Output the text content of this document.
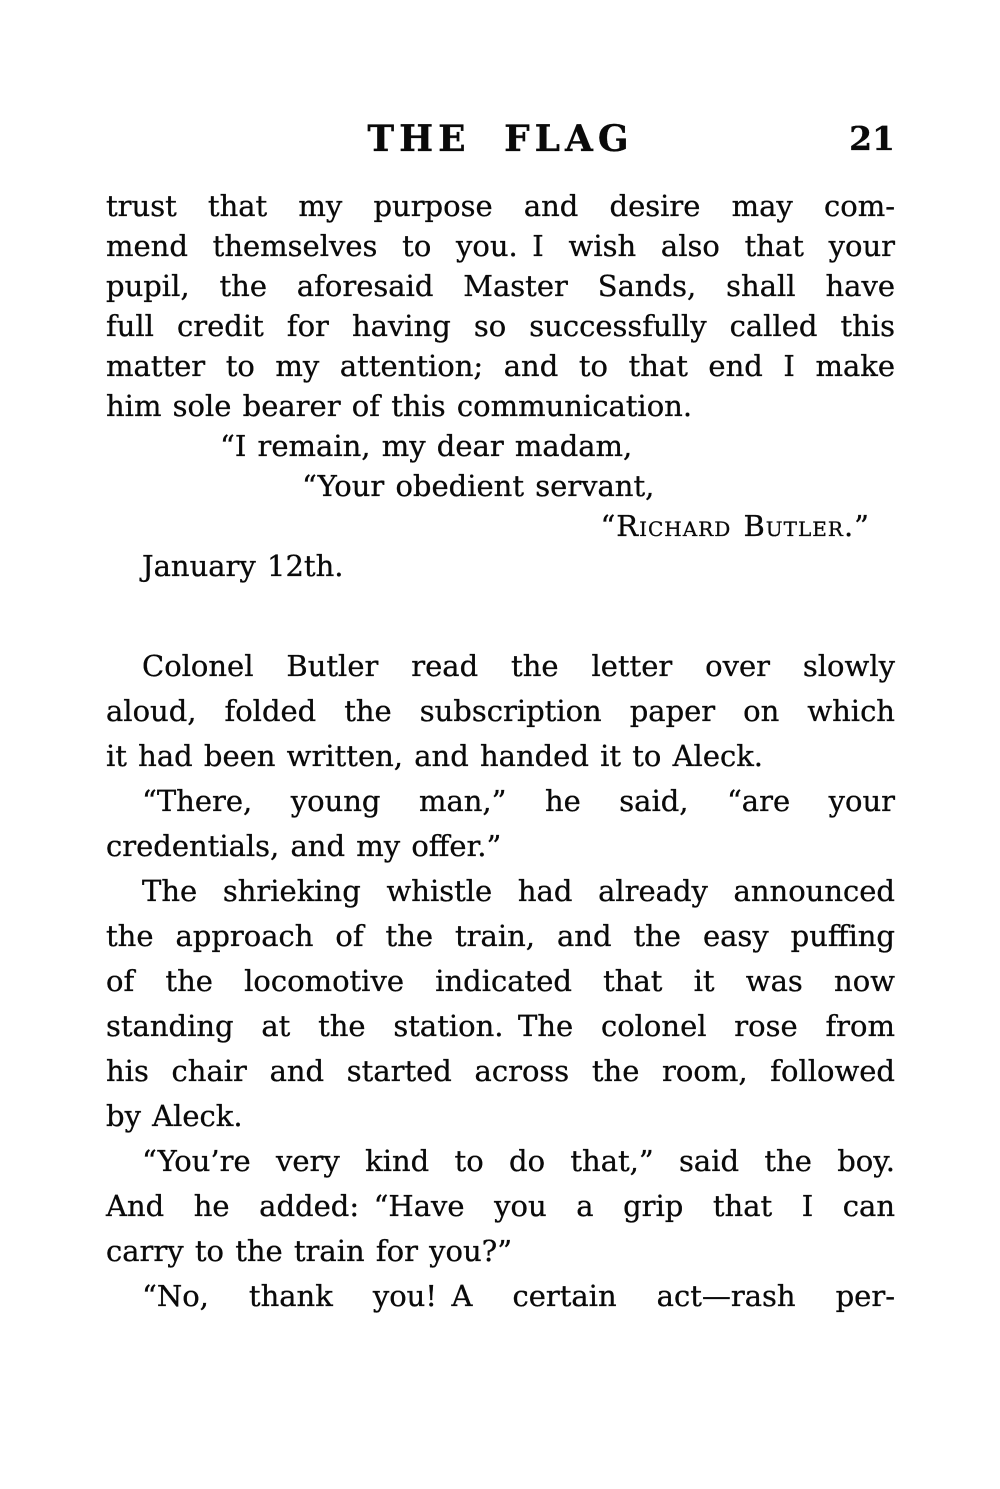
THE FLAG	21
trust that my purpose and desire may com-
mend themselves to you. I wish also that your
pupil, the aforesaid Master Sands, shall have
full credit for having so successfully called this
matter to my attention; and to that end I make
him sole bearer of this communication.
“I remain, my dear madam,
“Your obedient servant,
“Richard Butler.”
January 12th.
Colonel Butler read the letter over slowly
aloud, folded the subscription paper on which
it had been written, and handed it to Aleck.
“There, young man,” he said, “are your
credentials, and my offer.”
The shrieking whistle had already announced
the approach of the train, and the easy puffing
of the locomotive indicated that it was now
standing at the station. The colonel rose from
his chair and started across the room, followed
by Aleck.
“You’re very kind to do that,” said the boy.
And he added: “Have you a grip that I can
carry to the train for you?”
“No, thank you! A certain act—rash per-
